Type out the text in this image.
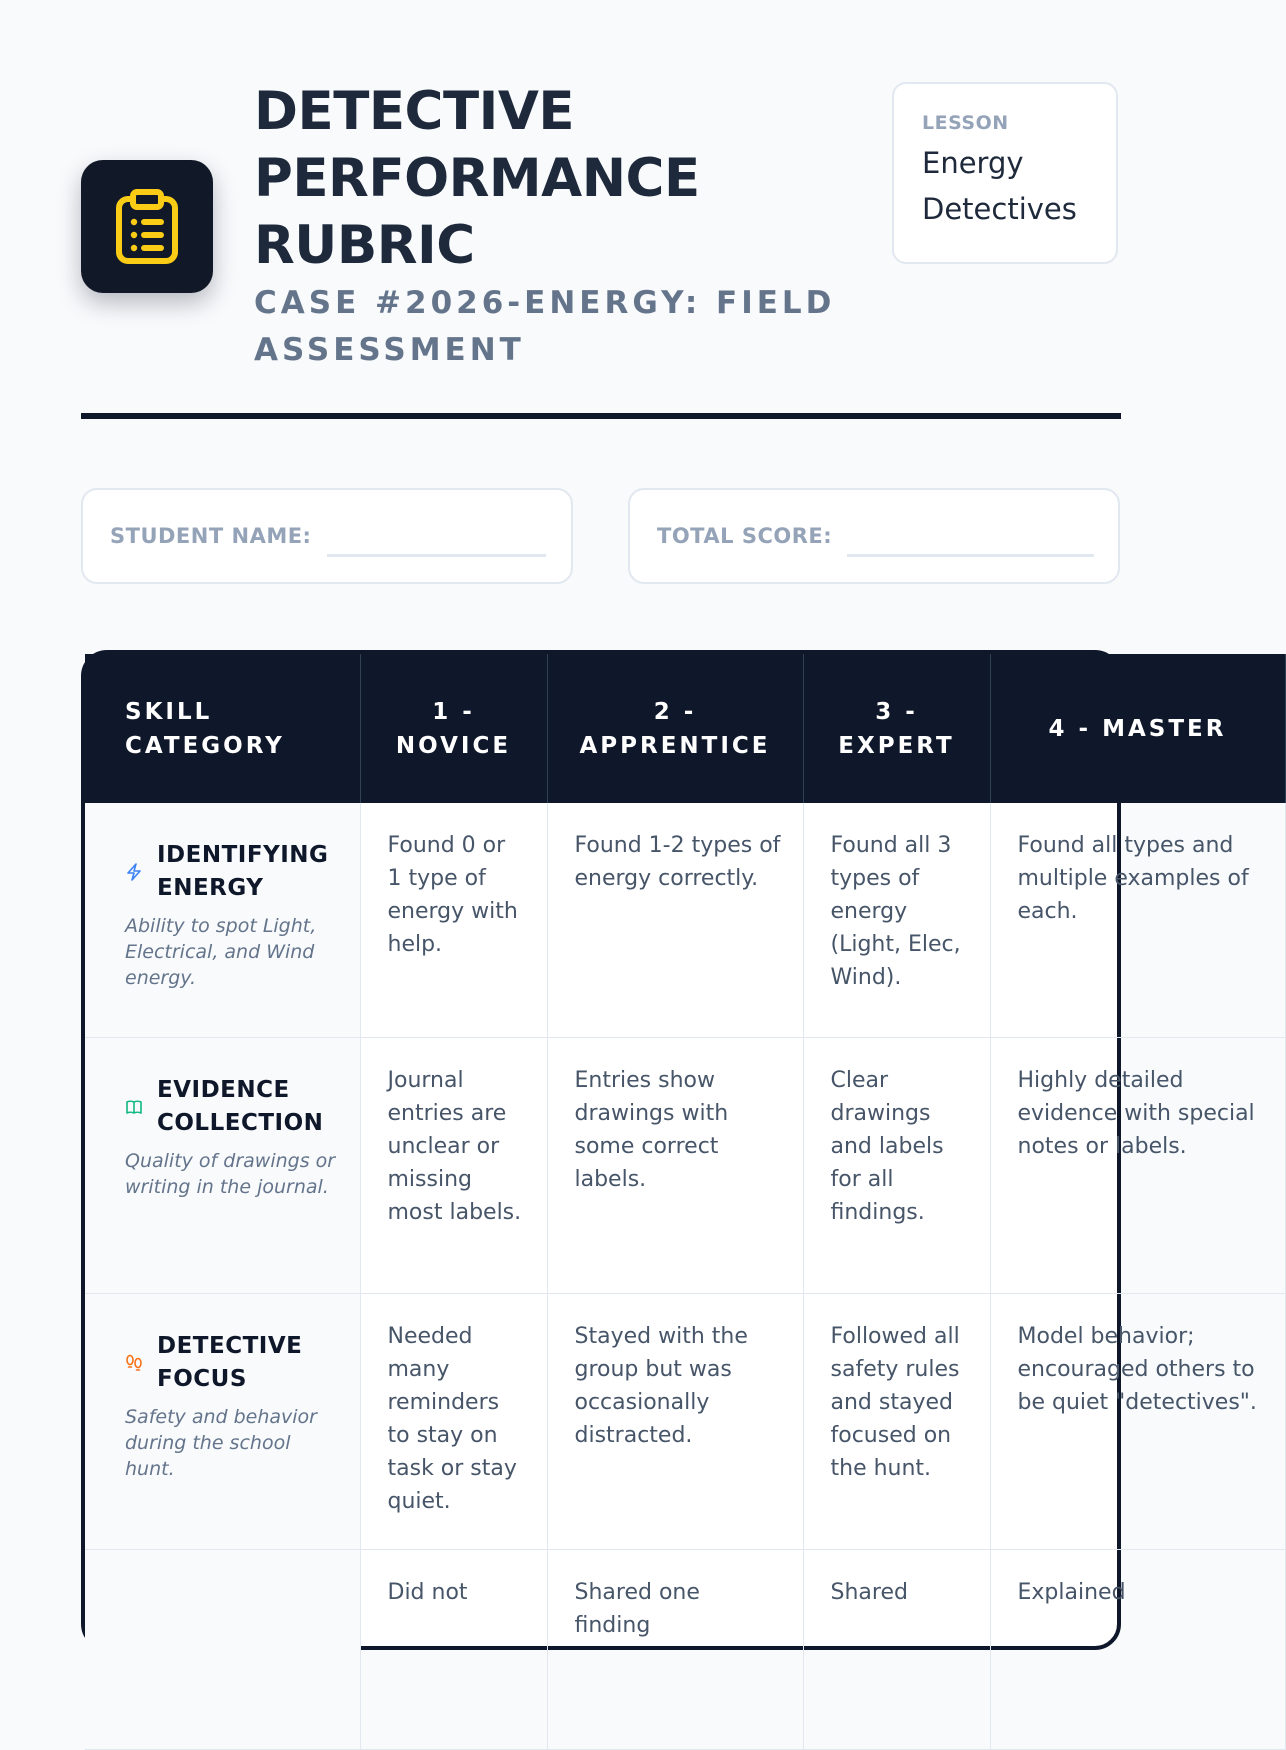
DETECTIVE PERFORMANCE RUBRIC
CASE #2026-ENERGY: FIELD ASSESSMENT
LESSON
Energy Detectives
STUDENT NAME:	TOTAL SCORE:
SKILL CATEGORY	1 - NOVICE	2 - APPRENTICE	3 - EXPERT	4 - MASTER

IDENTIFYING ENERGY
Ability to spot Light, Electrical, and Wind energy.	Found 0 or 1 type of energy with help.	Found 1-2 types of energy correctly.	Found all 3 types of energy (Light, Elec, Wind).	Found all types and multiple examples of each.

EVIDENCE COLLECTION
Quality of drawings or writing in the journal.	Journal entries are unclear or missing most labels.	Entries show drawings with some correct labels.	Clear drawings and labels for all findings.	Highly detailed evidence with special notes or labels.

DETECTIVE FOCUS
Safety and behavior during the school hunt.	Needed many reminders to stay on task or stay quiet.	Stayed with the group but was occasionally distracted.	Followed all safety rules and stayed focused on the hunt.	Model behavior; encouraged others to be quiet "detectives".

	Did not	Shared one finding	Shared	Explained
